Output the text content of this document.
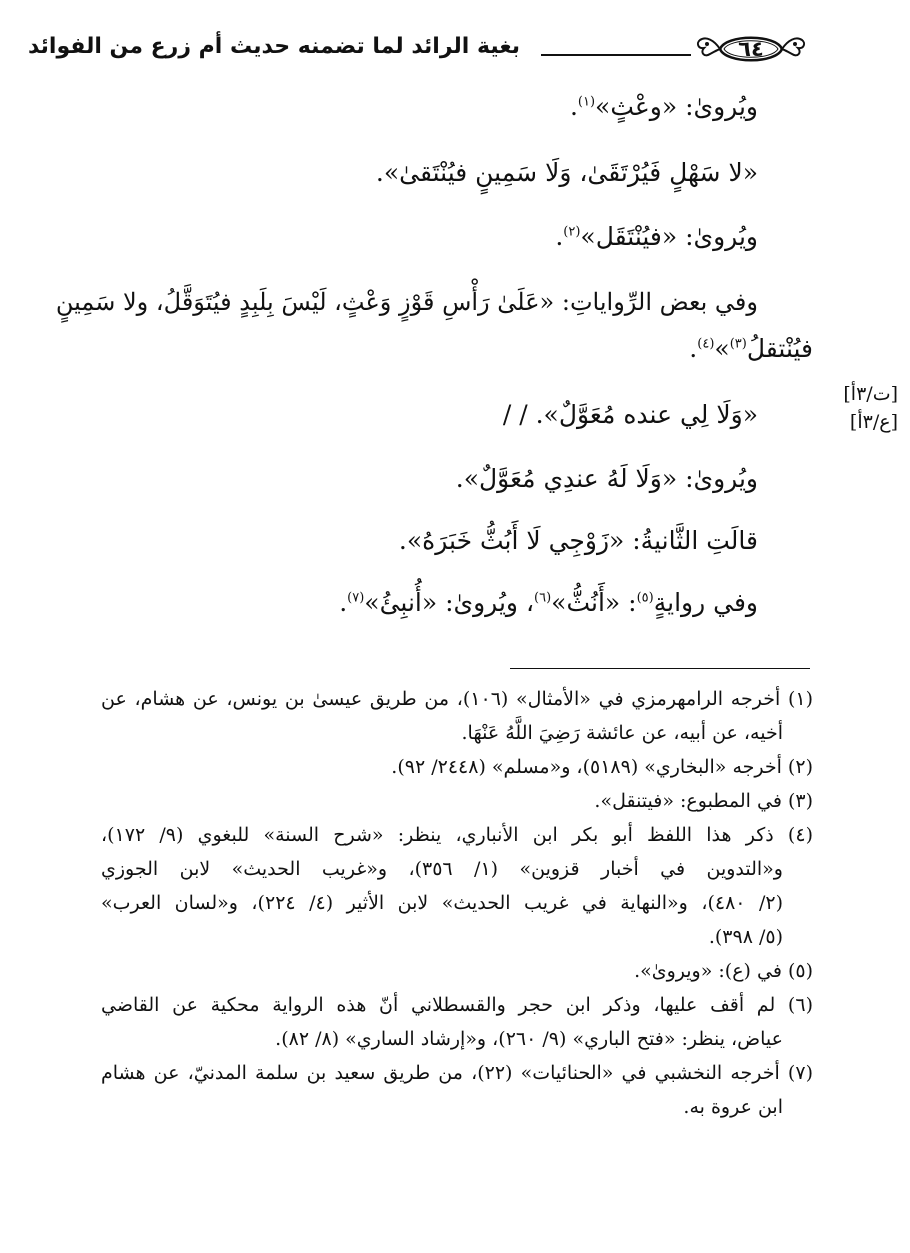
بغية الرائد لما تضمنه حديث أم زرع من الفوائد	٦٤
ويُروىٰ: «وعْثٍ»$^{(١)}$.
«لا سَهْلٍ فَيُرْتَقَىٰ، وَلَا سَمِينٍ فيُنْتَقىٰ».
ويُروىٰ: «فيُنْتَقَل»$^{(٢)}$.
وفي بعض الرِّواياتِ: «عَلَىٰ رَأْسِ قَوْزٍ وَعْثٍ، لَيْسَ بِلَبِدٍ فيُتَوَقَّلُ، ولا سَمِينٍ
فيُنْتقلُ$^{(٣)}$»$^{(٤)}$.
«وَلَا لِي عنده مُعَوَّلٌ». / /
ويُروىٰ: «وَلَا لَهُ عندِي مُعَوَّلٌ».
قالَتِ الثَّانيةُ: «زَوْجِي لَا أَبُثُّ خَبَرَهُ».
وفي روايةٍ$^{(٥)}$: «أَنُثُّ»$^{(٦)}$، ويُروىٰ: «أُنبِئُ»$^{(٧)}$.
[ت/٣أ]
[ع/٣أ]
(١) أخرجه الرامهرمزي في «الأمثال» (١٠٦)، من طريق عيسىٰ بن يونس، عن هشام، عن
أخيه، عن أبيه، عن عائشة رَضِيَ اللَّهُ عَنْهَا.
(٢) أخرجه «البخاري» (٥١٨٩)، و«مسلم» (٢٤٤٨/ ٩٢).
(٣) في المطبوع: «فيتنقل».
(٤) ذكر هذا اللفظ أبو بكر ابن الأنباري، ينظر: «شرح السنة» للبغوي (٩/ ١٧٢)،
و«التدوين في أخبار قزوين» (١/ ٣٥٦)، و«غريب الحديث» لابن الجوزي
(٢/ ٤٨٠)، و«النهاية في غريب الحديث» لابن الأثير (٤/ ٢٢٤)، و«لسان العرب»
(٥/ ٣٩٨).
(٥) في (ع): «ويروىٰ».
(٦) لم أقف عليها، وذكر ابن حجر والقسطلاني أنّ هذه الرواية محكية عن القاضي
عياض، ينظر: «فتح الباري» (٩/ ٢٦٠)، و«إرشاد الساري» (٨/ ٨٢).
(٧) أخرجه النخشبي في «الحنائيات» (٢٢)، من طريق سعيد بن سلمة المدنيّ، عن هشام
ابن عروة به.
